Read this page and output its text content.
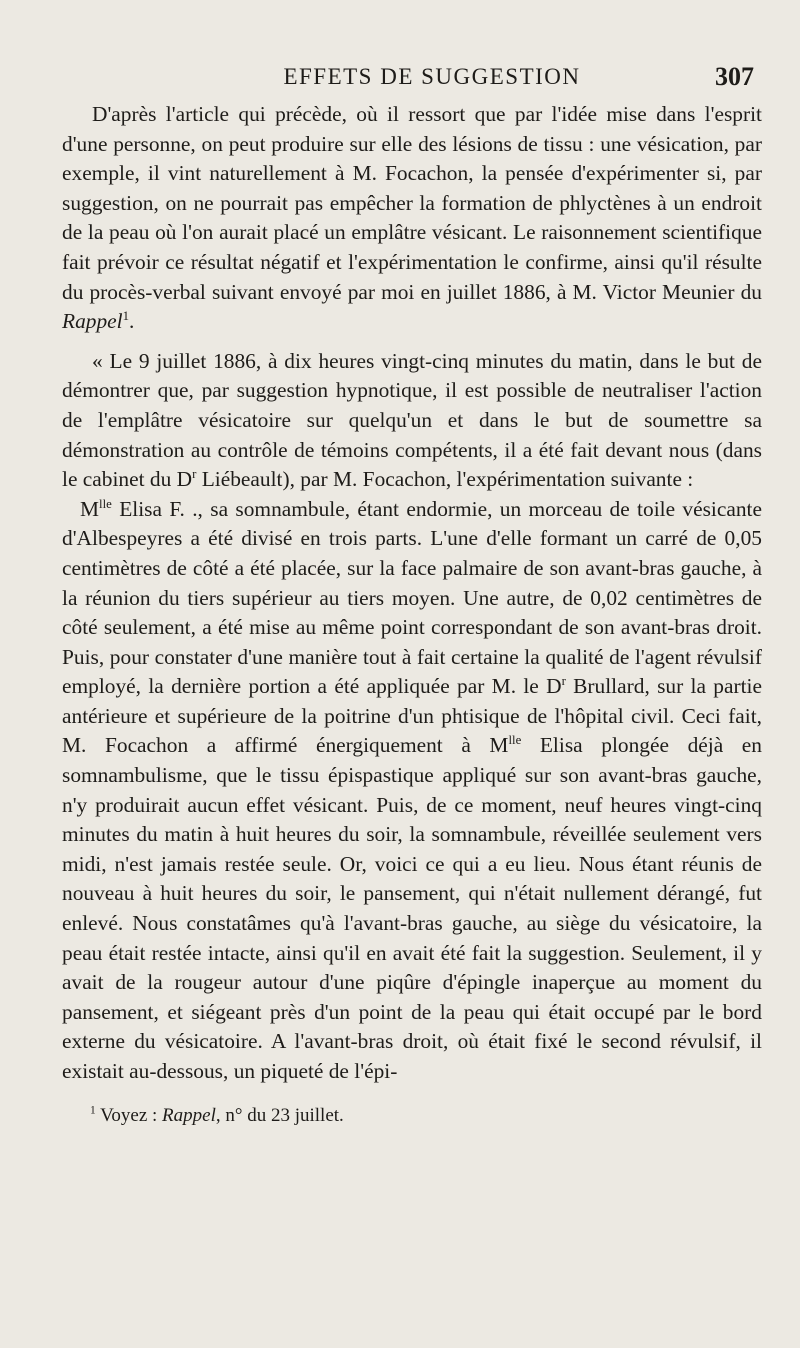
EFFETS DE SUGGESTION	307

D'après l'article qui précède, où il ressort que par l'idée mise dans l'esprit d'une personne, on peut produire sur elle des lésions de tissu : une vésication, par exemple, il vint naturellement à M. Focachon, la pensée d'expérimenter si, par suggestion, on ne pourrait pas empêcher la formation de phlyctènes à un endroit de la peau où l'on aurait placé un emplâtre vésicant. Le raisonnement scientifique fait prévoir ce résultat négatif et l'expérimentation le confirme, ainsi qu'il résulte du procès-verbal suivant envoyé par moi en juillet 1886, à M. Victor Meunier du Rappel$^1$.

« Le 9 juillet 1886, à dix heures vingt-cinq minutes du matin, dans le but de démontrer que, par suggestion hypnotique, il est possible de neutraliser l'action de l'emplâtre vésicatoire sur quelqu'un et dans le but de soumettre sa démonstration au contrôle de témoins compétents, il a été fait devant nous (dans le cabinet du $D^r$ Liébeault), par M. Focachon, l'expérimentation suivante :

$M^{lle}$ Elisa F. ., sa somnambule, étant endormie, un morceau de toile vésicante d'Albespeyres a été divisé en trois parts. L'une d'elle formant un carré de 0,05 centimètres de côté a été placée, sur la face palmaire de son avant-bras gauche, à la réunion du tiers supérieur au tiers moyen. Une autre, de 0,02 centimètres de côté seulement, a été mise au même point correspondant de son avant-bras droit. Puis, pour constater d'une manière tout à fait certaine la qualité de l'agent révulsif employé, la dernière portion a été appliquée par M. le $D^r$ Brullard, sur la partie antérieure et supérieure de la poitrine d'un phtisique de l'hôpital civil. Ceci fait, M. Focachon a affirmé énergiquement à $M^{lle}$ Elisa plongée déjà en somnambulisme, que le tissu épispastique appliqué sur son avant-bras gauche, n'y produirait aucun effet vésicant. Puis, de ce moment, neuf heures vingt-cinq minutes du matin à huit heures du soir, la somnambule, réveillée seulement vers midi, n'est jamais restée seule. Or, voici ce qui a eu lieu. Nous étant réunis de nouveau à huit heures du soir, le pansement, qui n'était nullement dérangé, fut enlevé. Nous constatâmes qu'à l'avant-bras gauche, au siège du vésicatoire, la peau était restée intacte, ainsi qu'il en avait été fait la suggestion. Seulement, il y avait de la rougeur autour d'une piqûre d'épingle inaperçue au moment du pansement, et siégeant près d'un point de la peau qui était occupé par le bord externe du vésicatoire. A l'avant-bras droit, où était fixé le second révulsif, il existait au-dessous, un piqueté de l'épi-

$^1$ Voyez : Rappel, n° du 23 juillet.
